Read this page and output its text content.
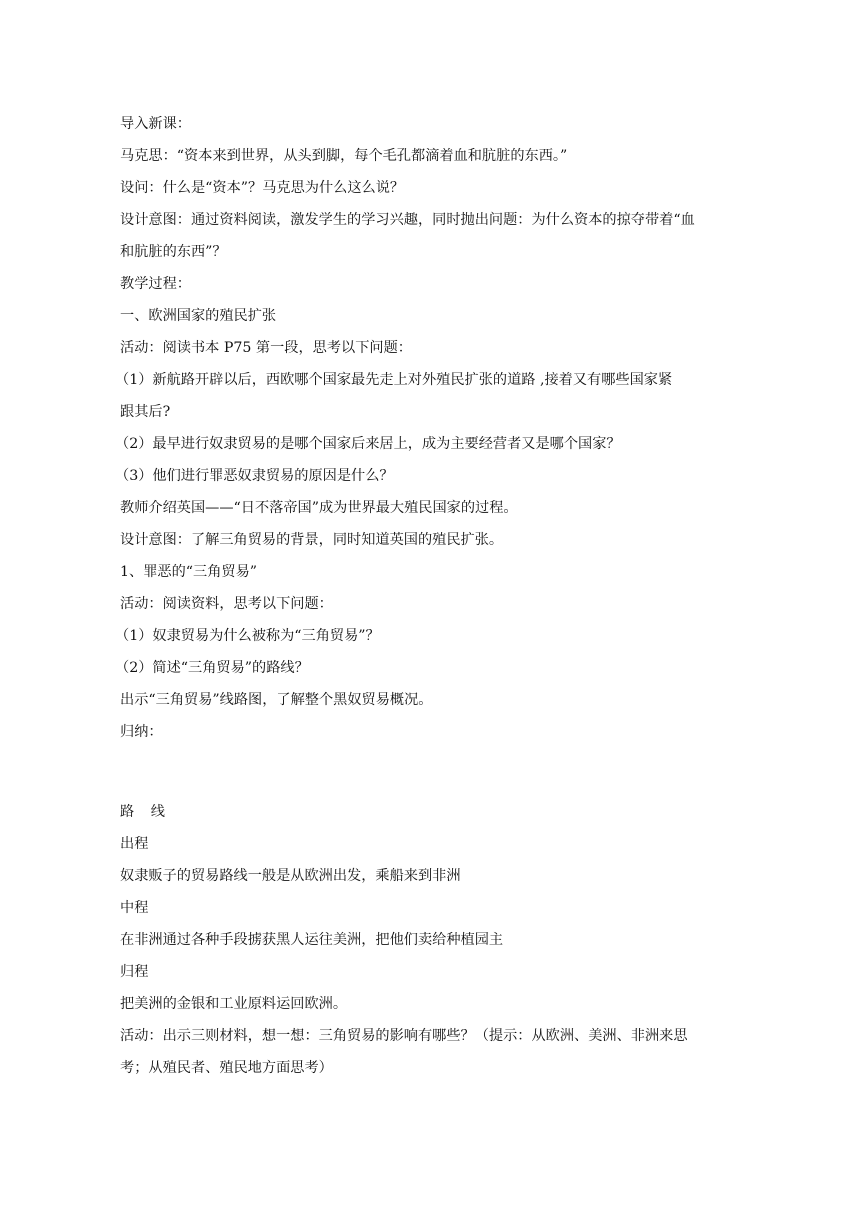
导入新课：

马克思：“资本来到世界，从头到脚，每个毛孔都滴着血和肮脏的东西。”

设问：什么是“资本”？马克思为什么这么说？

设计意图：通过资料阅读，激发学生的学习兴趣，同时抛出问题：为什么资本的掠夺带着“血

和肮脏的东西”？

教学过程：

一、欧洲国家的殖民扩张

活动：阅读书本 P75 第一段，思考以下问题：

（1）新航路开辟以后，西欧哪个国家最先走上对外殖民扩张的道路 ,接着又有哪些国家紧

跟其后?

（2）最早进行奴隶贸易的是哪个国家后来居上，成为主要经营者又是哪个国家？

（3）他们进行罪恶奴隶贸易的原因是什么？

教师介绍英国——“日不落帝国”成为世界最大殖民国家的过程。

设计意图：了解三角贸易的背景，同时知道英国的殖民扩张。

1、罪恶的“三角贸易”

活动：阅读资料，思考以下问题：

（1）奴隶贸易为什么被称为“三角贸易”？

（2）简述“三角贸易”的路线？

出示“三角贸易”线路图，了解整个黑奴贸易概况。

归纳：

路 线

出程

奴隶贩子的贸易路线一般是从欧洲出发，乘船来到非洲

中程

在非洲通过各种手段掳获黑人运往美洲，把他们卖给种植园主

归程

把美洲的金银和工业原料运回欧洲。

活动：出示三则材料，想一想：三角贸易的影响有哪些？（提示：从欧洲、美洲、非洲来思

考；从殖民者、殖民地方面思考）
